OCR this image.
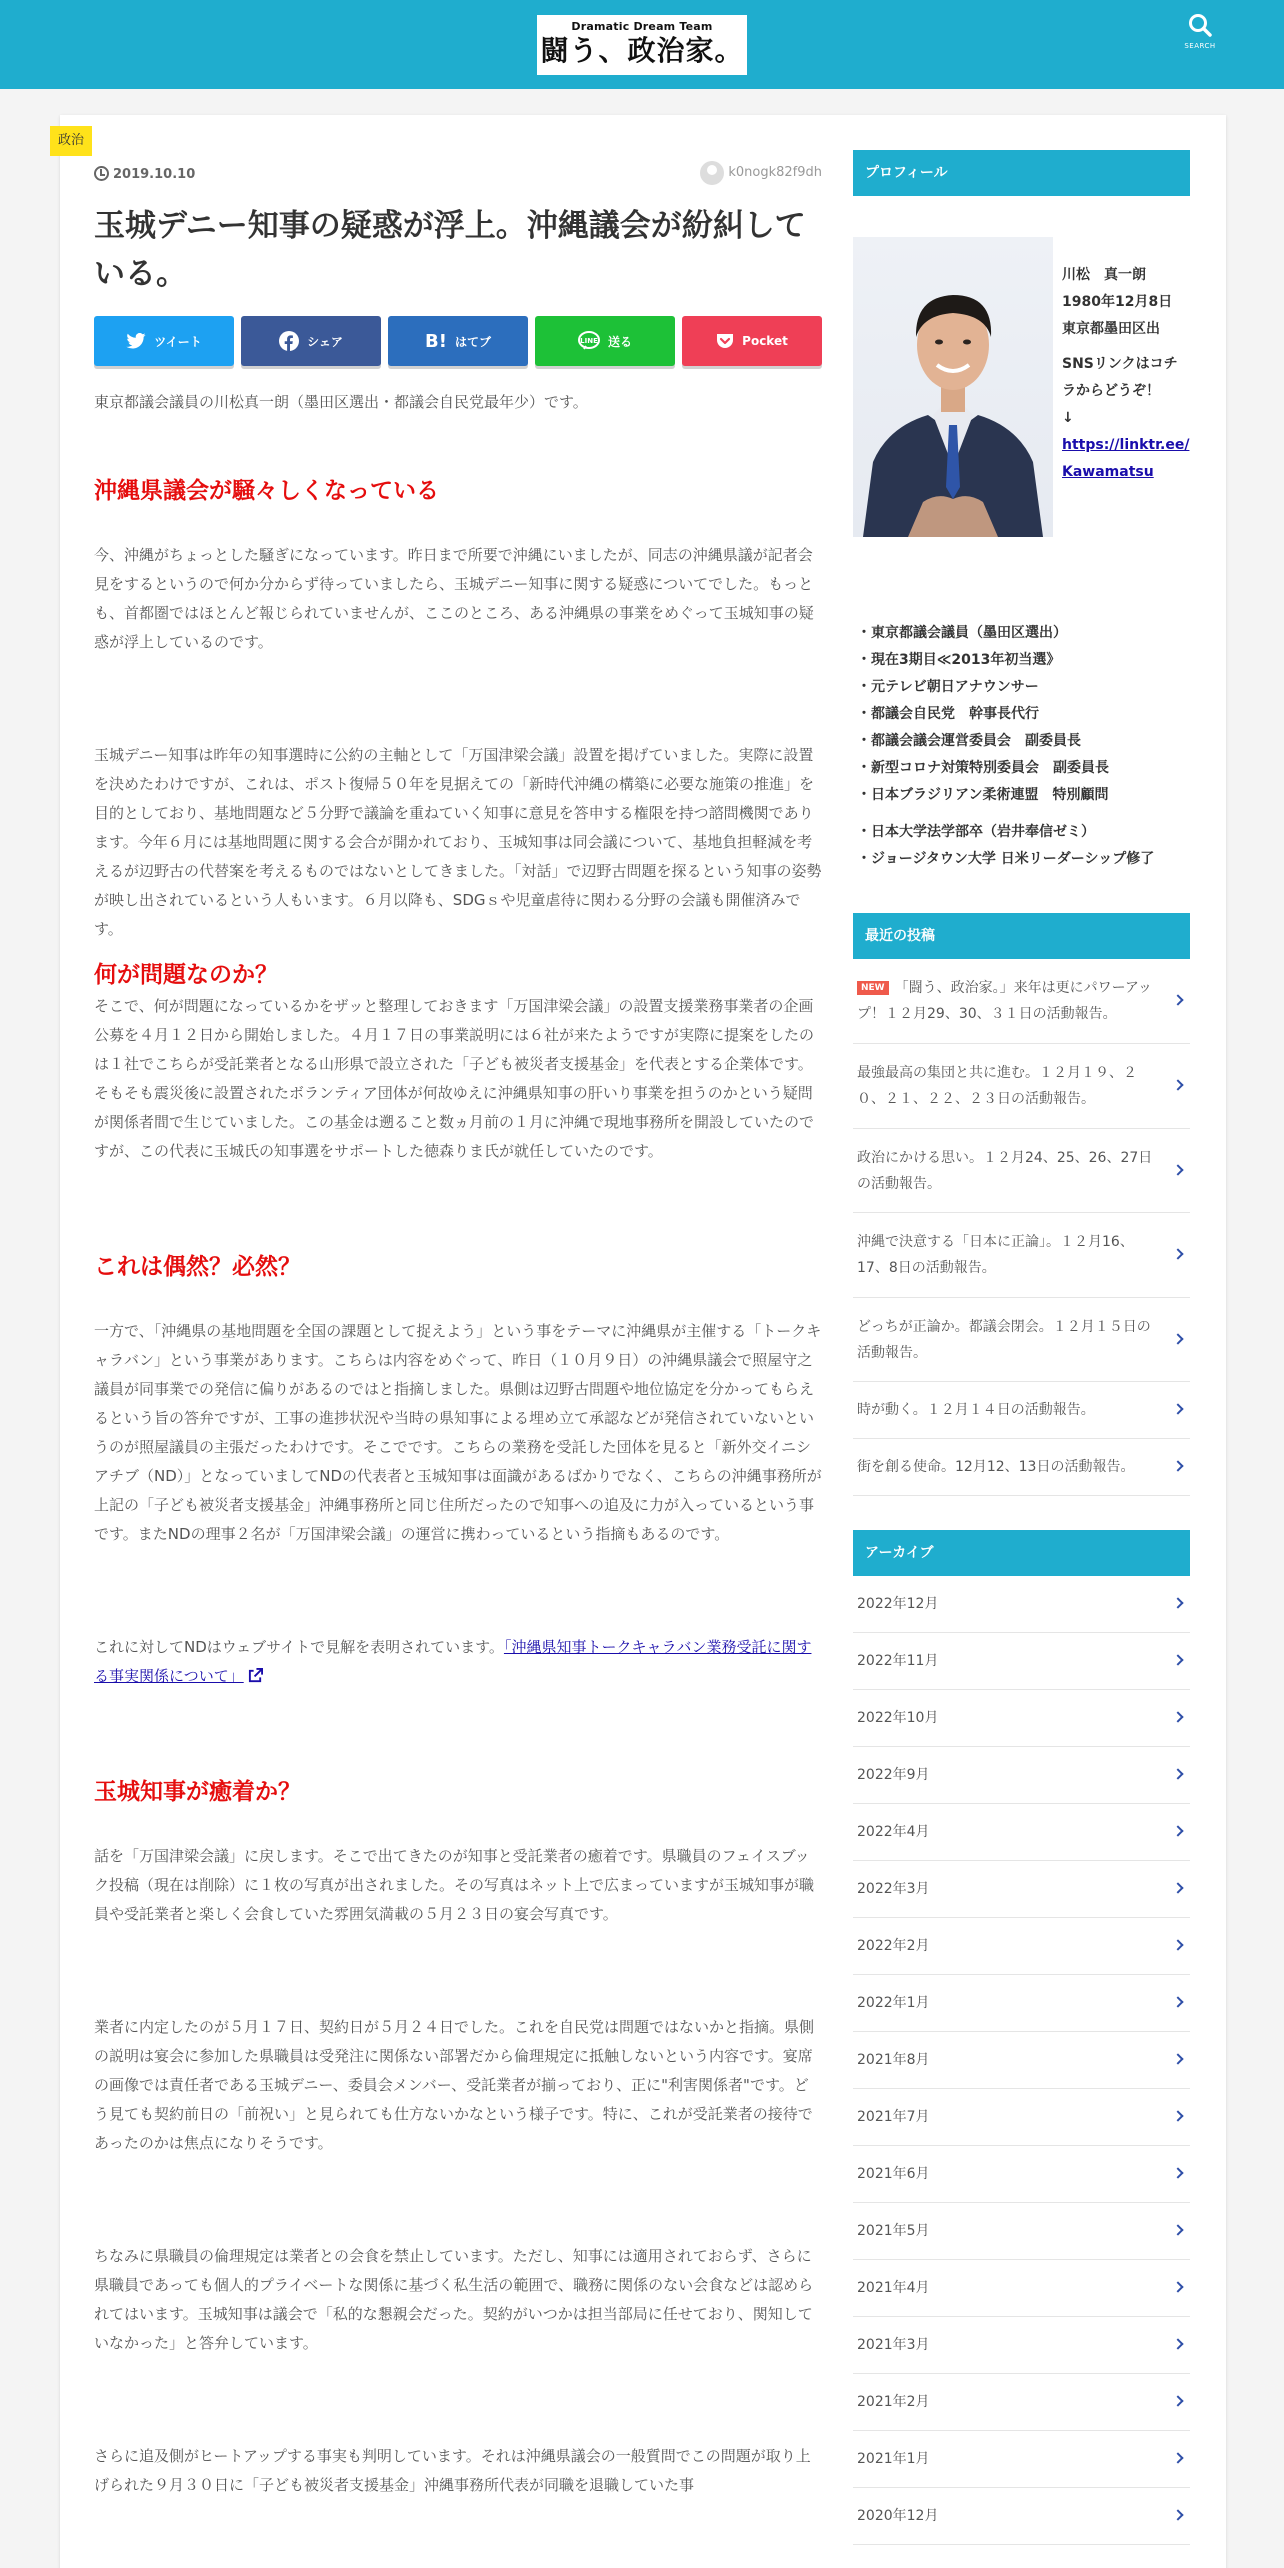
Dramatic Dream Team
闘う、政治家。	SEARCH
政治
2019.10.10	k0nogk82f9dh
玉城デニー知事の疑惑が浮上。沖縄議会が紛糾している。
ツイート	シェア	B! はてブ	LINE 送る	Pocket

東京都議会議員の川松真一朗（墨田区選出・都議会自民党最年少）です。

沖縄県議会が騒々しくなっている

今、沖縄がちょっとした騒ぎになっています。昨日まで所要で沖縄にいましたが、同志の沖縄県議が記者会見をするというので何か分からず待っていましたら、玉城デニー知事に関する疑惑についてでした。もっとも、首都圏ではほとんど報じられていませんが、ここのところ、ある沖縄県の事業をめぐって玉城知事の疑惑が浮上しているのです。

玉城デニー知事は昨年の知事選時に公約の主軸として「万国津梁会議」設置を掲げていました。実際に設置を決めたわけですが、これは、ポスト復帰５０年を見据えての「新時代沖縄の構築に必要な施策の推進」を目的としており、基地問題など５分野で議論を重ねていく知事に意見を答申する権限を持つ諮問機関であります。今年６月には基地問題に関する会合が開かれており、玉城知事は同会議について、基地負担軽減を考えるが辺野古の代替案を考えるものではないとしてきました。「対話」で辺野古問題を探るという知事の姿勢が映し出されているという人もいます。６月以降も、SDGｓや児童虐待に関わる分野の会議も開催済みです。

何が問題なのか？

そこで、何が問題になっているかをザッと整理しておきます「万国津梁会議」の設置支援業務事業者の企画公募を４月１２日から開始しました。４月１７日の事業説明には６社が来たようですが実際に提案をしたのは１社でこちらが受託業者となる山形県で設立された「子ども被災者支援基金」を代表とする企業体です。そもそも震災後に設置されたボランティア団体が何故ゆえに沖縄県知事の肝いり事業を担うのかという疑問が関係者間で生じていました。この基金は遡ること数ヵ月前の１月に沖縄で現地事務所を開設していたのですが、この代表に玉城氏の知事選をサポートした徳森りま氏が就任していたのです。

これは偶然？必然？

一方で、「沖縄県の基地問題を全国の課題として捉えよう」という事をテーマに沖縄県が主催する「トークキャラバン」という事業があります。こちらは内容をめぐって、昨日（１０月９日）の沖縄県議会で照屋守之議員が同事業での発信に偏りがあるのではと指摘しました。県側は辺野古問題や地位協定を分かってもらえるという旨の答弁ですが、工事の進捗状況や当時の県知事による埋め立て承認などが発信されていないというのが照屋議員の主張だったわけです。そこでです。こちらの業務を受託した団体を見ると「新外交イニシアチブ（ND）」となっていましてNDの代表者と玉城知事は面識があるばかりでなく、こちらの沖縄事務所が上記の「子ども被災者支援基金」沖縄事務所と同じ住所だったので知事への追及に力が入っているという事です。またNDの理事２名が「万国津梁会議」の運営に携わっているという指摘もあるのです。

これに対してNDはウェブサイトで見解を表明されています。「沖縄県知事トークキャラバン業務受託に関する事実関係について」

玉城知事が癒着か？

話を「万国津梁会議」に戻します。そこで出てきたのが知事と受託業者の癒着です。県職員のフェイスブック投稿（現在は削除）に１枚の写真が出されました。その写真はネット上で広まっていますが玉城知事が職員や受託業者と楽しく会食していた雰囲気満載の５月２３日の宴会写真です。

業者に内定したのが５月１７日、契約日が５月２４日でした。これを自民党は問題ではないかと指摘。県側の説明は宴会に参加した県職員は受発注に関係ない部署だから倫理規定に抵触しないという内容です。宴席の画像では責任者である玉城デニー、委員会メンバー、受託業者が揃っており、正に"利害関係者"です。どう見ても契約前日の「前祝い」と見られても仕方ないかなという様子です。特に、これが受託業者の接待であったのかは焦点になりそうです。

ちなみに県職員の倫理規定は業者との会食を禁止しています。ただし、知事には適用されておらず、さらに県職員であっても個人的プライベートな関係に基づく私生活の範囲で、職務に関係のない会食などは認められてはいます。玉城知事は議会で「私的な懇親会だった。契約がいつかは担当部局に任せており、関知していなかった」と答弁しています。

さらに追及側がヒートアップする事実も判明しています。それは沖縄県議会の一般質問でこの問題が取り上げられた９月３０日に「子ども被災者支援基金」沖縄事務所代表が同職を退職していた事

プロフィール
川松　真一朗
1980年12月8日
東京都墨田区出
SNSリンクはコチラからどうぞ！
↓
https://linktr.ee/Kawamatsu
・東京都議会議員（墨田区選出）
・現在3期目≪2013年初当選》
・元テレビ朝日アナウンサー
・都議会自民党　幹事長代行
・都議会議会運営委員会　副委員長
・新型コロナ対策特別委員会　副委員長
・日本ブラジリアン柔術連盟　特別顧問
・日本大学法学部卒（岩井奉信ゼミ）
・ジョージタウン大学 日米リーダーシップ修了
最近の投稿
NEW 「闘う、政治家。」来年は更にパワーアップ！１２月29、30、３１日の活動報告。
最強最高の集団と共に進む。１２月１９、２０、２１、２２、２３日の活動報告。
政治にかける思い。１２月24、25、26、27日の活動報告。
沖縄で決意する「日本に正論」。１２月16、17、8日の活動報告。
どっちが正論か。都議会閉会。１２月１５日の活動報告。
時が動く。１２月１４日の活動報告。
街を創る使命。12月12、13日の活動報告。
アーカイブ
2022年12月
2022年11月
2022年10月
2022年9月
2022年4月
2022年3月
2022年2月
2022年1月
2021年8月
2021年7月
2021年6月
2021年5月
2021年4月
2021年3月
2021年2月
2021年1月
2020年12月
